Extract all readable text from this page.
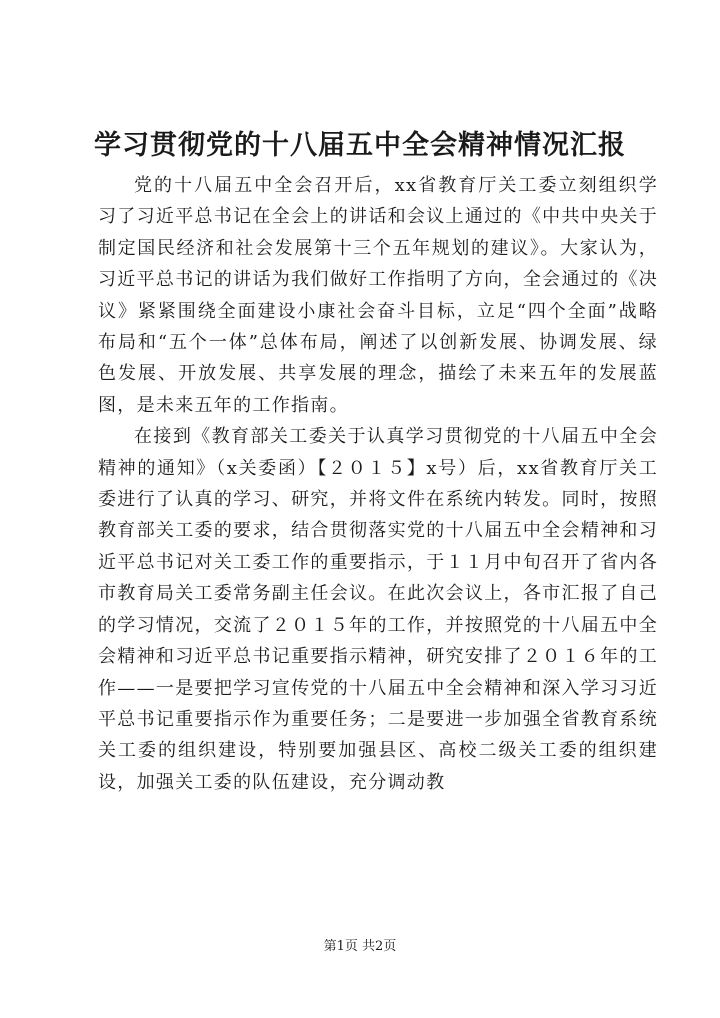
学习贯彻党的十八届五中全会精神情况汇报

党的十八届五中全会召开后，xx省教育厅关工委立刻组织学习了习近平总书记在全会上的讲话和会议上通过的《中共中央关于制定国民经济和社会发展第十三个五年规划的建议》。大家认为，习近平总书记的讲话为我们做好工作指明了方向，全会通过的《决议》紧紧围绕全面建设小康社会奋斗目标，立足“四个全面”战略布局和“五个一体”总体布局，阐述了以创新发展、协调发展、绿色发展、开放发展、共享发展的理念，描绘了未来五年的发展蓝图，是未来五年的工作指南。

在接到《教育部关工委关于认真学习贯彻党的十八届五中全会精神的通知》（x关委函）【２０１５】x号）后，xx省教育厅关工委进行了认真的学习、研究，并将文件在系统内转发。同时，按照教育部关工委的要求，结合贯彻落实党的十八届五中全会精神和习近平总书记对关工委工作的重要指示，于１１月中旬召开了省内各市教育局关工委常务副主任会议。在此次会议上，各市汇报了自己的学习情况，交流了２０１５年的工作，并按照党的十八届五中全会精神和习近平总书记重要指示精神，研究安排了２０１６年的工作——一是要把学习宣传党的十八届五中全会精神和深入学习习近平总书记重要指示作为重要任务；二是要进一步加强全省教育系统关工委的组织建设，特别要加强县区、高校二级关工委的组织建设，加强关工委的队伍建设，充分调动教

第1页 共2页
